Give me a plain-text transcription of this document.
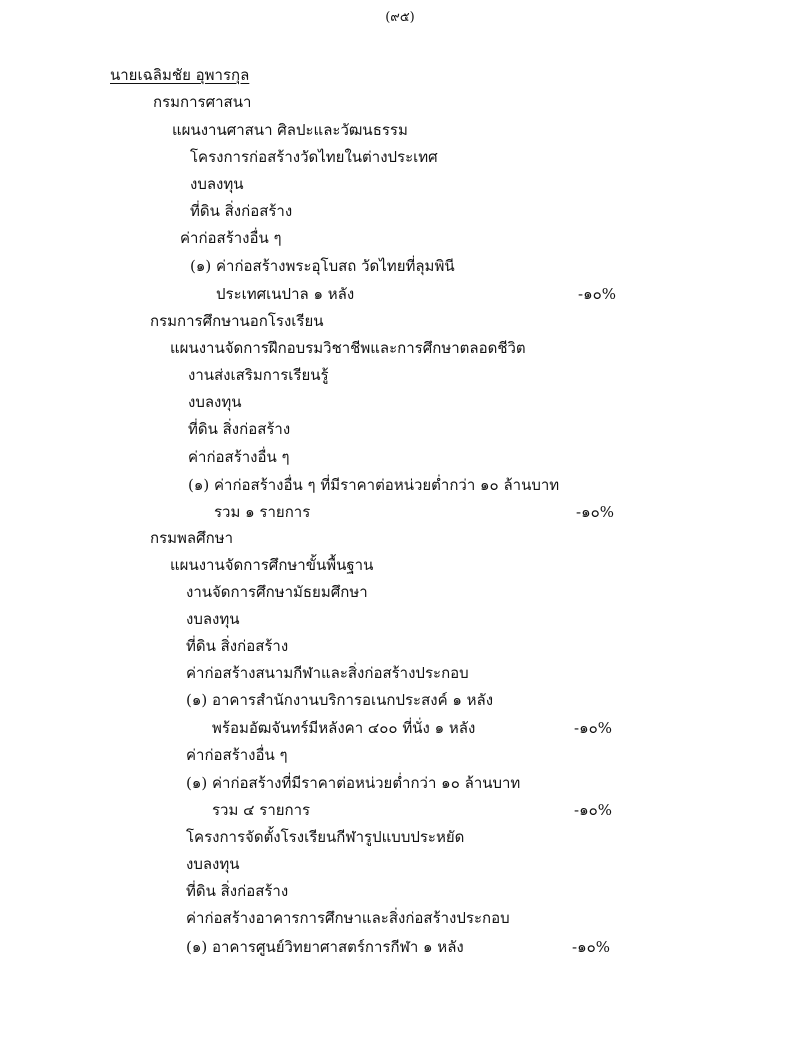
(๙๕)
นายเฉลิมชัย อุพารกุล
กรมการศาสนา
แผนงานศาสนา ศิลปะและวัฒนธรรม
โครงการก่อสร้างวัดไทยในต่างประเทศ
งบลงทุน
ที่ดิน สิ่งก่อสร้าง
ค่าก่อสร้างอื่น ๆ
(๑) ค่าก่อสร้างพระอุโบสถ วัดไทยที่ลุมพินี
ประเทศเนปาล ๑ หลัง	-๑๐%
กรมการศึกษานอกโรงเรียน
แผนงานจัดการฝึกอบรมวิชาชีพและการศึกษาตลอดชีวิต
งานส่งเสริมการเรียนรู้
งบลงทุน
ที่ดิน สิ่งก่อสร้าง
ค่าก่อสร้างอื่น ๆ
(๑) ค่าก่อสร้างอื่น ๆ ที่มีราคาต่อหน่วยต่ำกว่า ๑๐ ล้านบาท
รวม ๑ รายการ	-๑๐%
กรมพลศึกษา
แผนงานจัดการศึกษาขั้นพื้นฐาน
งานจัดการศึกษามัธยมศึกษา
งบลงทุน
ที่ดิน สิ่งก่อสร้าง
ค่าก่อสร้างสนามกีฬาและสิ่งก่อสร้างประกอบ
(๑) อาคารสำนักงานบริการอเนกประสงค์ ๑ หลัง
พร้อมอัฒจันทร์มีหลังคา ๔๐๐ ที่นั่ง ๑ หลัง	-๑๐%
ค่าก่อสร้างอื่น ๆ
(๑) ค่าก่อสร้างที่มีราคาต่อหน่วยต่ำกว่า ๑๐ ล้านบาท
รวม ๔ รายการ	-๑๐%
โครงการจัดตั้งโรงเรียนกีฬารูปแบบประหยัด
งบลงทุน
ที่ดิน สิ่งก่อสร้าง
ค่าก่อสร้างอาคารการศึกษาและสิ่งก่อสร้างประกอบ
(๑) อาคารศูนย์วิทยาศาสตร์การกีฬา ๑ หลัง	-๑๐%
